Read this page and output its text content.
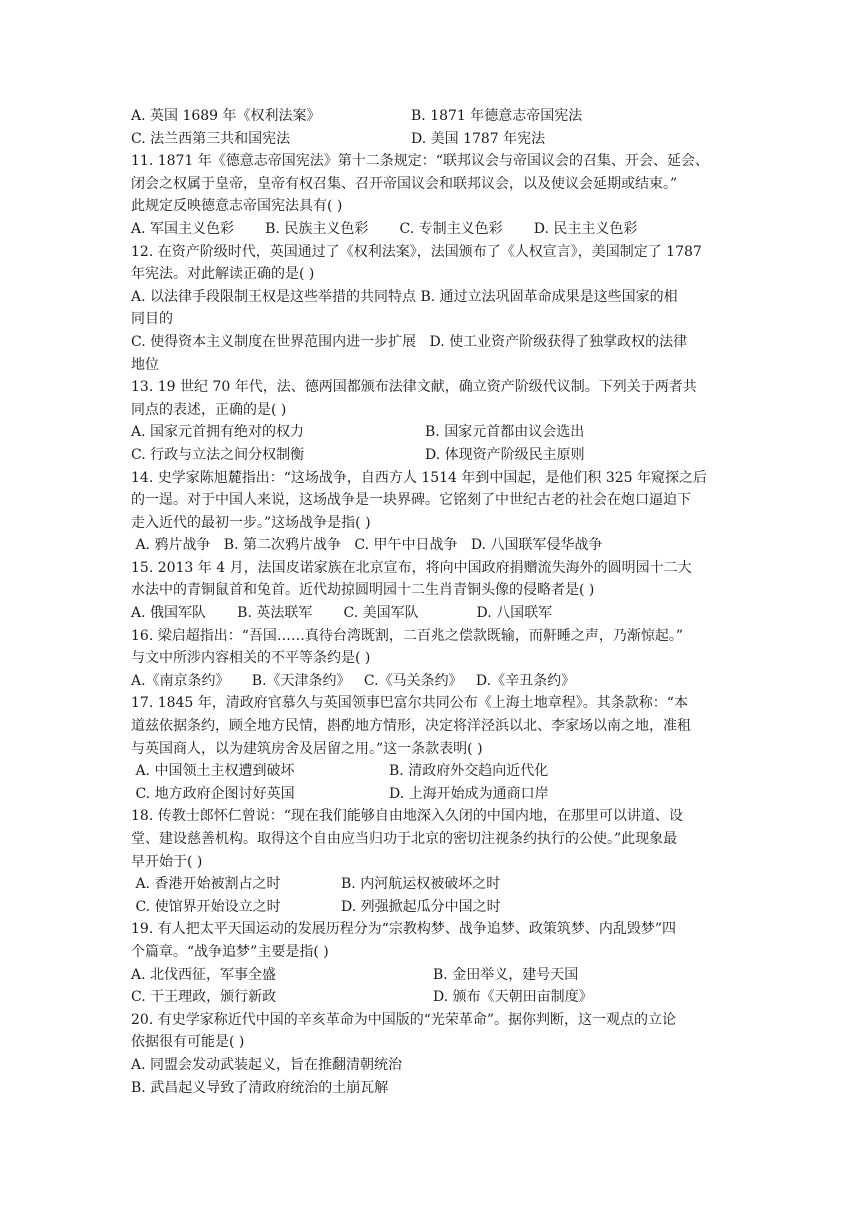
A. 英国 1689 年《权利法案》	B. 1871 年德意志帝国宪法
C. 法兰西第三共和国宪法	D. 美国 1787 年宪法
11. 1871 年《德意志帝国宪法》第十二条规定：“联邦议会与帝国议会的召集、开会、延会、
闭会之权属于皇帝，皇帝有权召集、召开帝国议会和联邦议会，以及使议会延期或结束。”
此规定反映德意志帝国宪法具有( )
A. 军国主义色彩       B. 民族主义色彩       C. 专制主义色彩       D. 民主主义色彩
12. 在资产阶级时代，英国通过了《权利法案》，法国颁布了《人权宣言》，美国制定了 1787
年宪法。对此解读正确的是( )
A. 以法律手段限制王权是这些举措的共同特点 B. 通过立法巩固革命成果是这些国家的相
同目的
C. 使得资本主义制度在世界范围内进一步扩展   D. 使工业资产阶级获得了独掌政权的法律
地位
13. 19 世纪 70 年代，法、德两国都颁布法律文献，确立资产阶级代议制。下列关于两者共
同点的表述，正确的是( )
A. 国家元首拥有绝对的权力	B. 国家元首都由议会选出
C. 行政与立法之间分权制衡	D. 体现资产阶级民主原则
14. 史学家陈旭麓指出：“这场战争，自西方人 1514 年到中国起，是他们积 325 年窥探之后
的一逞。对于中国人来说，这场战争是一块界碑。它铭刻了中世纪古老的社会在炮口逼迫下
走入近代的最初一步。”这场战争是指( )
A. 鸦片战争   B. 第二次鸦片战争   C. 甲午中日战争   D. 八国联军侵华战争
15. 2013 年 4 月，法国皮诺家族在北京宣布，将向中国政府捐赠流失海外的圆明园十二大
水法中的青铜鼠首和兔首。近代劫掠圆明园十二生肖青铜头像的侵略者是( )
A. 俄国军队       B. 英法联军       C. 美国军队             D. 八国联军
16. 梁启超指出：“吾国……真待台湾既割，二百兆之偿款既输，而鼾睡之声，乃渐惊起。”
与文中所涉内容相关的不平等条约是( )
A.《南京条约》     B.《天津条约》   C.《马关条约》   D.《辛丑条约》
17. 1845 年，清政府官慕久与英国领事巴富尔共同公布《上海土地章程》。其条款称：“本
道兹依据条约，顾全地方民情，斟酌地方情形，决定将洋泾浜以北、李家场以南之地，准租
与英国商人，以为建筑房舍及居留之用。”这一条款表明( )
A. 中国领土主权遭到破坏	B. 清政府外交趋向近代化
C. 地方政府企图讨好英国	D. 上海开始成为通商口岸
18. 传教士郎怀仁曾说：“现在我们能够自由地深入久闭的中国内地，在那里可以讲道、设
堂、建设慈善机构。取得这个自由应当归功于北京的密切注视条约执行的公使。”此现象最
早开始于( )
A. 香港开始被割占之时	B. 内河航运权被破坏之时
C. 使馆界开始设立之时	D. 列强掀起瓜分中国之时
19. 有人把太平天国运动的发展历程分为“宗教构梦、战争追梦、政策筑梦、内乱毁梦”四
个篇章。“战争追梦”主要是指( )
A. 北伐西征，军事全盛	B. 金田举义，建号天国
C. 干王理政，颁行新政	D. 颁布《天朝田亩制度》
20. 有史学家称近代中国的辛亥革命为中国版的“光荣革命”。据你判断，这一观点的立论
依据很有可能是( )
A. 同盟会发动武装起义，旨在推翻清朝统治
B. 武昌起义导致了清政府统治的土崩瓦解
